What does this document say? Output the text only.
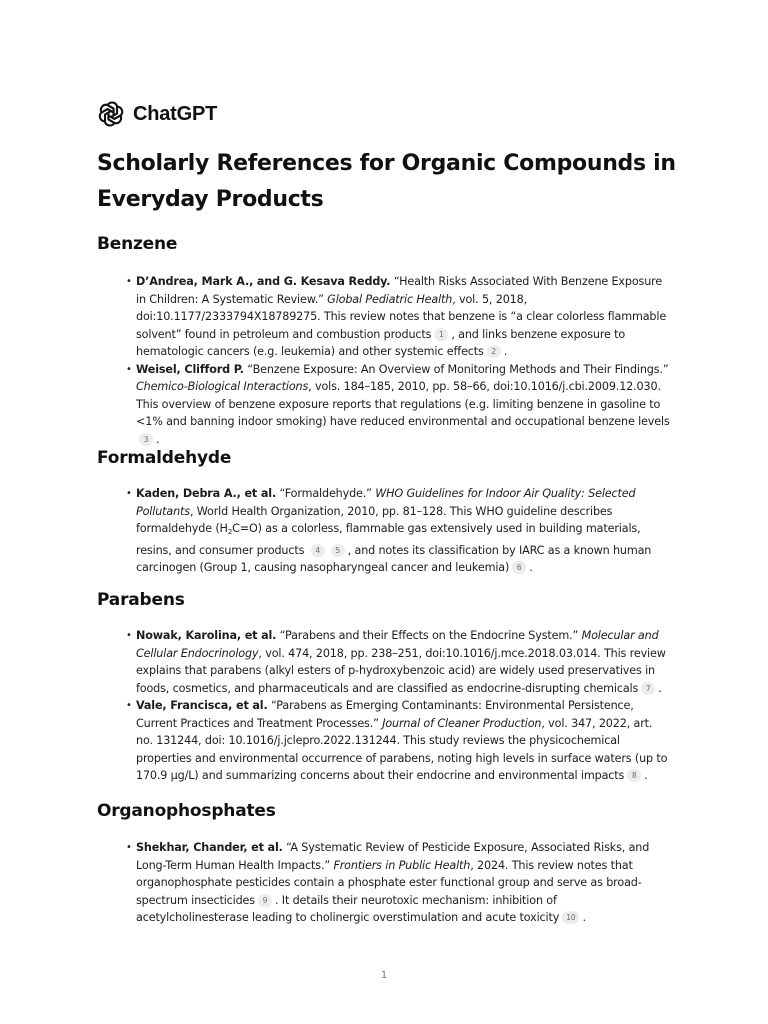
ChatGPT
Scholarly References for Organic Compounds in Everyday Products
Benzene
• D’Andrea, Mark A., and G. Kesava Reddy. “Health Risks Associated With Benzene Exposure in Children: A Systematic Review.” Global Pediatric Health, vol. 5, 2018, doi:10.1177/2333794X18789275. This review notes that benzene is “a clear colorless flammable solvent” found in petroleum and combustion products 1 , and links benzene exposure to hematologic cancers (e.g. leukemia) and other systemic effects 2 .
• Weisel, Clifford P. “Benzene Exposure: An Overview of Monitoring Methods and Their Findings.” Chemico-Biological Interactions, vols. 184–185, 2010, pp. 58–66, doi:10.1016/j.cbi.2009.12.030. This overview of benzene exposure reports that regulations (e.g. limiting benzene in gasoline to <1% and banning indoor smoking) have reduced environmental and occupational benzene levels3 .
Formaldehyde
• Kaden, Debra A., et al. “Formaldehyde.” WHO Guidelines for Indoor Air Quality: Selected Pollutants, World Health Organization, 2010, pp. 81–128. This WHO guideline describes formaldehyde $(H_2C=O)$ as a colorless, flammable gas extensively used in building materials, resins, and consumer products 4 5 , and notes its classification by IARC as a known human carcinogen (Group 1, causing nasopharyngeal cancer and leukemia) 6 .
Parabens
• Nowak, Karolina, et al. “Parabens and their Effects on the Endocrine System.” Molecular and Cellular Endocrinology, vol. 474, 2018, pp. 238–251, doi:10.1016/j.mce.2018.03.014. This review explains that parabens (alkyl esters of p-hydroxybenzoic acid) are widely used preservatives in foods, cosmetics, and pharmaceuticals and are classified as endocrine-disrupting chemicals 7 .
• Vale, Francisca, et al. “Parabens as Emerging Contaminants: Environmental Persistence, Current Practices and Treatment Processes.” Journal of Cleaner Production, vol. 347, 2022, art. no. 131244, doi: 10.1016/j.jclepro.2022.131244. This study reviews the physicochemical properties and environmental occurrence of parabens, noting high levels in surface waters (up to 170.9 µg/L) and summarizing concerns about their endocrine and environmental impacts 8 .
Organophosphates
• Shekhar, Chander, et al. “A Systematic Review of Pesticide Exposure, Associated Risks, and Long-Term Human Health Impacts.” Frontiers in Public Health, 2024. This review notes that organophosphate pesticides contain a phosphate ester functional group and serve as broad-spectrum insecticides 9 . It details their neurotoxic mechanism: inhibition of acetylcholinesterase leading to cholinergic overstimulation and acute toxicity 10 .
1
